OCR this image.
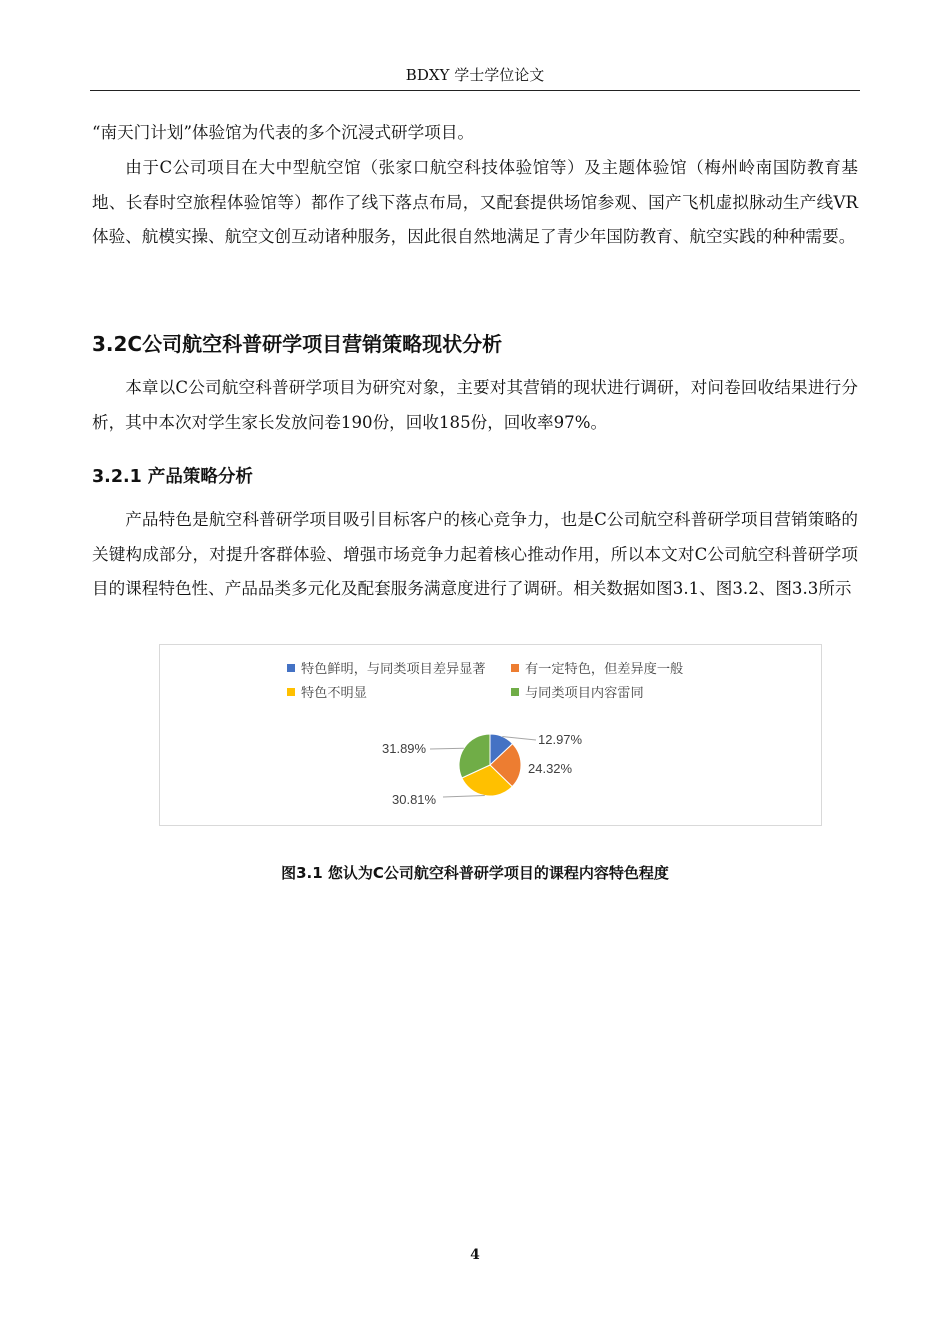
BDXY 学士学位论文

“南天门计划”体验馆为代表的多个沉浸式研学项目。

由于C公司项目在大中型航空馆（张家口航空科技体验馆等）及主题体验馆（梅州岭南国防教育基地、长春时空旅程体验馆等）都作了线下落点布局，又配套提供场馆参观、国产飞机虚拟脉动生产线VR体验、航模实操、航空文创互动诸种服务，因此很自然地满足了青少年国防教育、航空实践的种种需要。

3.2C公司航空科普研学项目营销策略现状分析

本章以C公司航空科普研学项目为研究对象，主要对其营销的现状进行调研，对问卷回收结果进行分析，其中本次对学生家长发放问卷190份，回收185份，回收率97%。

3.2.1 产品策略分析

产品特色是航空科普研学项目吸引目标客户的核心竞争力，也是C公司航空科普研学项目营销策略的关键构成部分，对提升客群体验、增强市场竞争力起着核心推动作用，所以本文对C公司航空科普研学项目的课程特色性、产品品类多元化及配套服务满意度进行了调研。相关数据如图3.1、图3.2、图3.3所示

特色鲜明，与同类项目差异显著	有一定特色，但差异度一般
特色不明显	与同类项目内容雷同
12.97%
24.32%
30.81%
31.89%
图3.1 您认为C公司航空科普研学项目的课程内容特色程度
4
